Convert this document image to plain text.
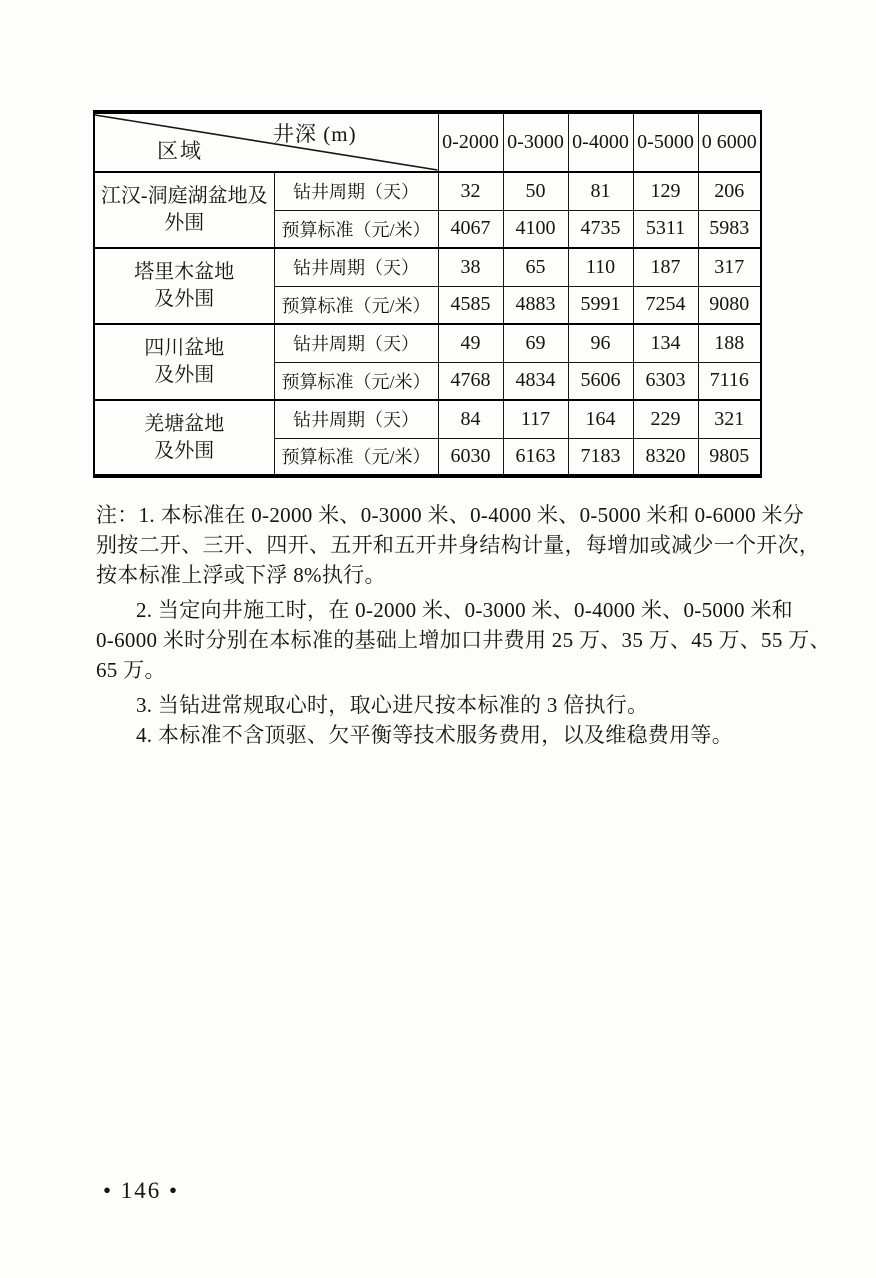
井深 (m)
区域		0-2000	0-3000	0-4000	0-5000	0 6000

江汉-洞庭湖盆地及
外围	钻井周期（天）	32	50	81	129	206
	预算标准（元/米）	4067	4100	4735	5311	5983

塔里木盆地
及外围	钻井周期（天）	38	65	110	187	317
	预算标准（元/米）	4585	4883	5991	7254	9080

四川盆地
及外围	钻井周期（天）	49	69	96	134	188
	预算标准（元/米）	4768	4834	5606	6303	7116

羌塘盆地
及外围	钻井周期（天）	84	117	164	229	321
	预算标准（元/米）	6030	6163	7183	8320	9805
注：1. 本标准在 0-2000 米、0-3000 米、0-4000 米、0-5000 米和 0-6000 米分
别按二开、三开、四开、五开和五开井身结构计量，每增加或减少一个开次，
按本标准上浮或下浮 8%执行。
2. 当定向井施工时，在 0-2000 米、0-3000 米、0-4000 米、0-5000 米和
0-6000 米时分别在本标准的基础上增加口井费用 25 万、35 万、45 万、55 万、
65 万。
3. 当钻进常规取心时，取心进尺按本标准的 3 倍执行。
4. 本标准不含顶驱、欠平衡等技术服务费用，以及维稳费用等。
• 146 •
